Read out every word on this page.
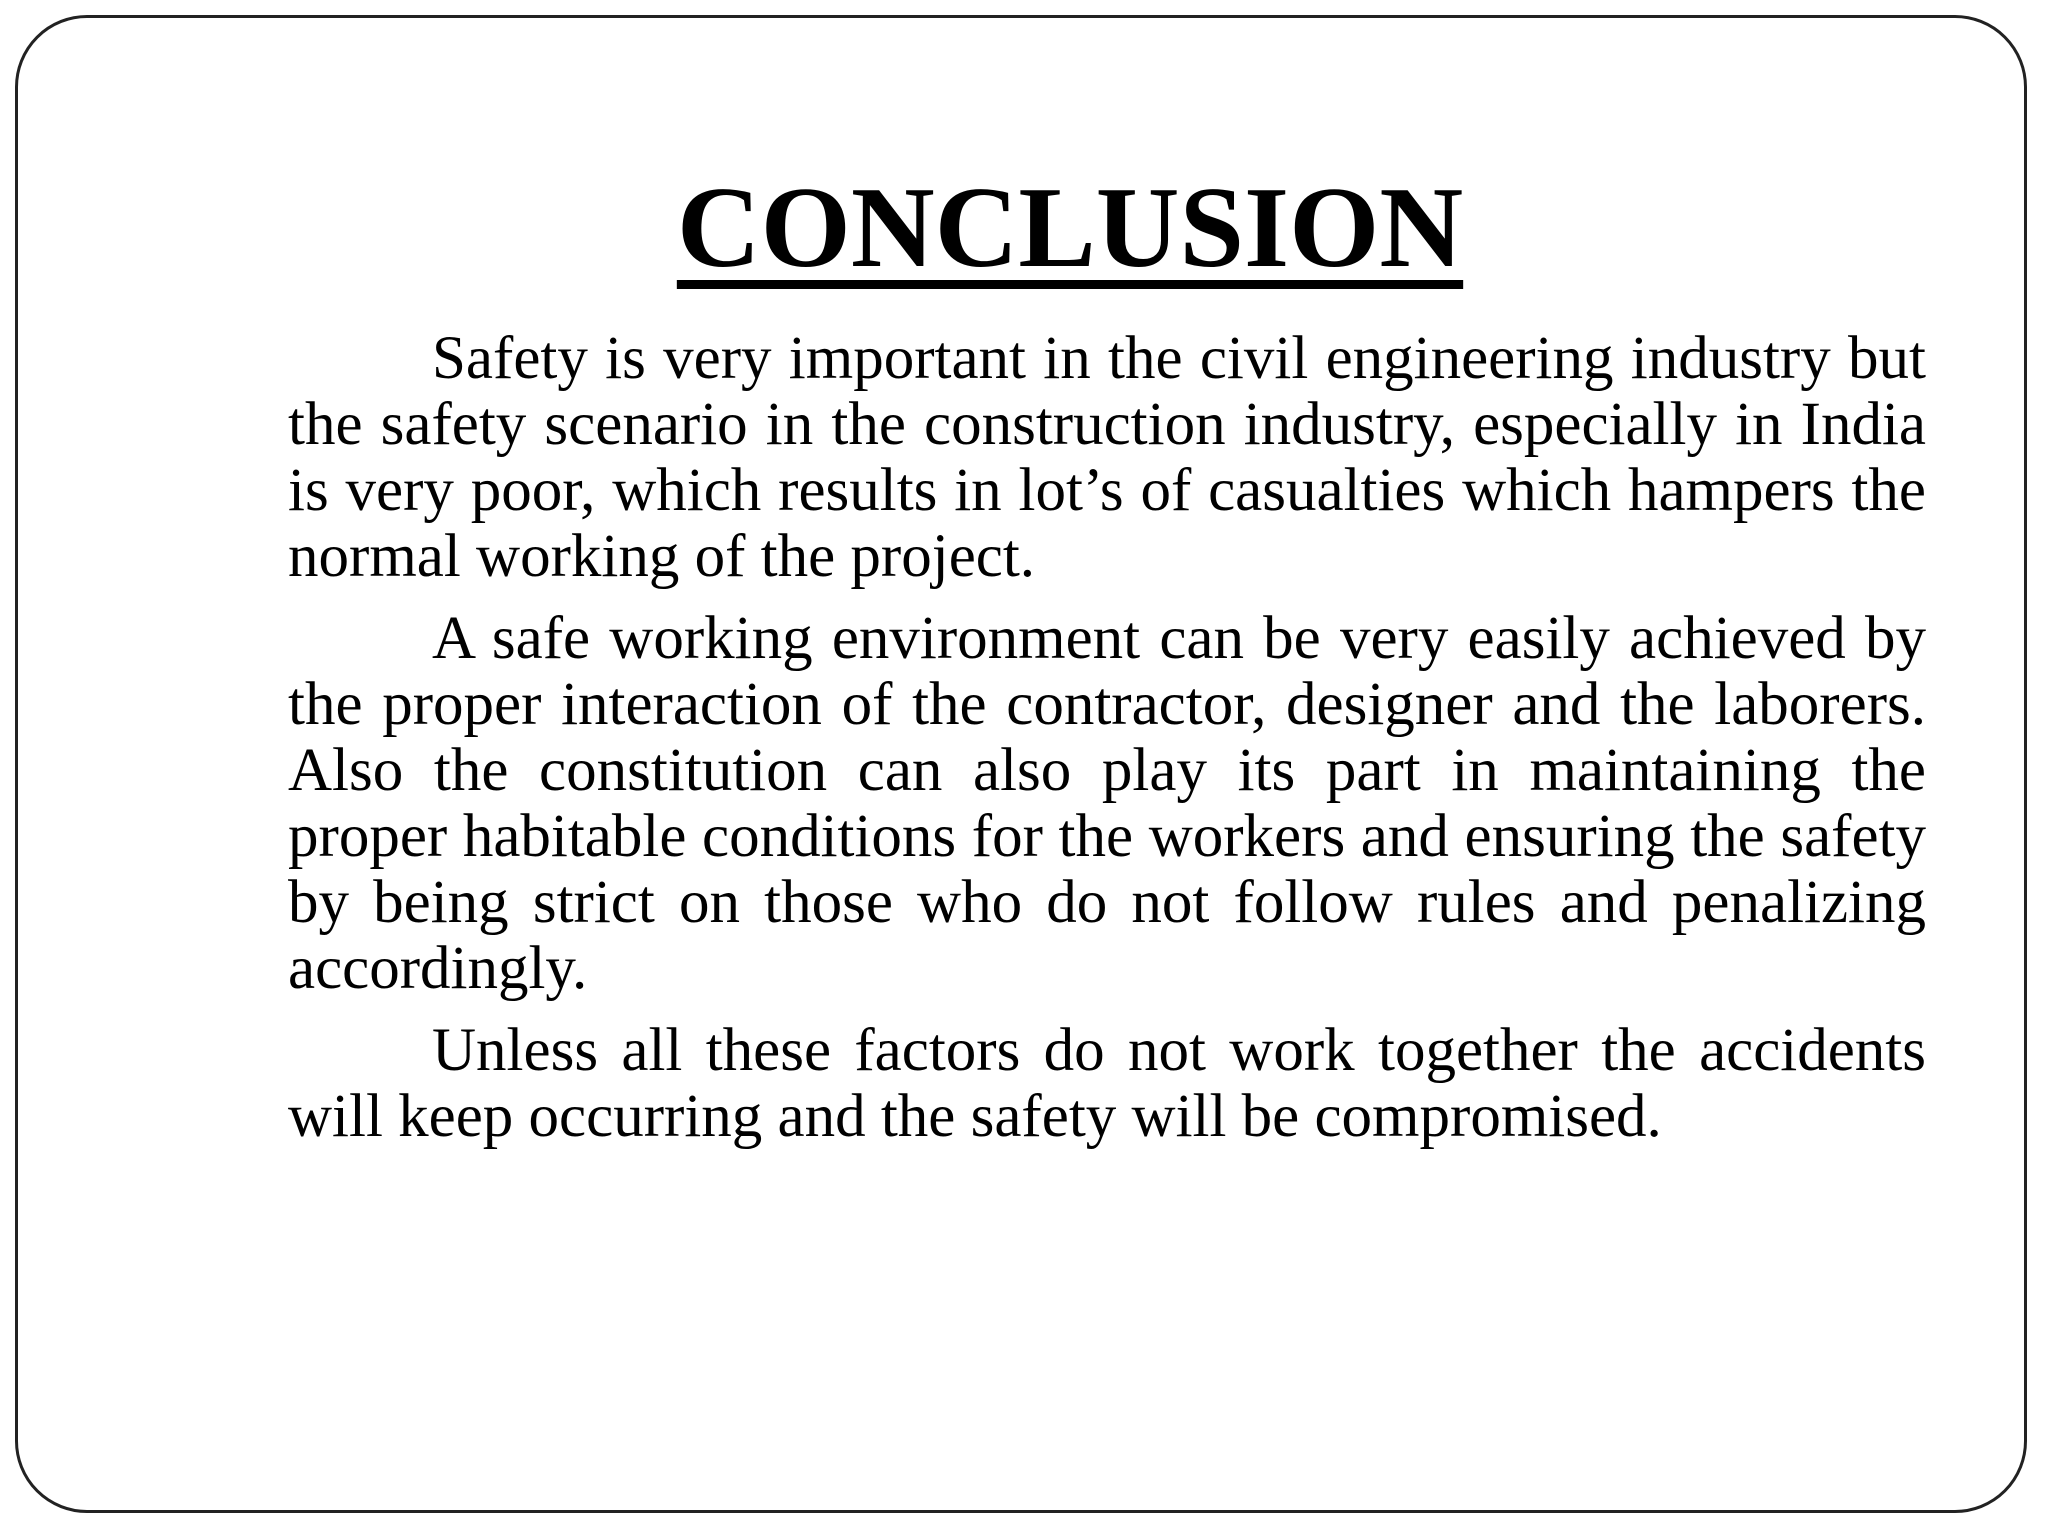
CONCLUSION

Safety is very important in the civil engineering industry but the safety scenario in the construction industry, especially in India is very poor, which results in lot’s of casualties which hampers the normal working of the project.

A safe working environment can be very easily achieved by the proper interaction of the contractor, designer and the laborers. Also the constitution can also play its part in maintaining the proper habitable conditions for the workers and ensuring the safety by being strict on those who do not follow rules and penalizing accordingly.

Unless all these factors do not work together the accidents will keep occurring and the safety will be compromised.
